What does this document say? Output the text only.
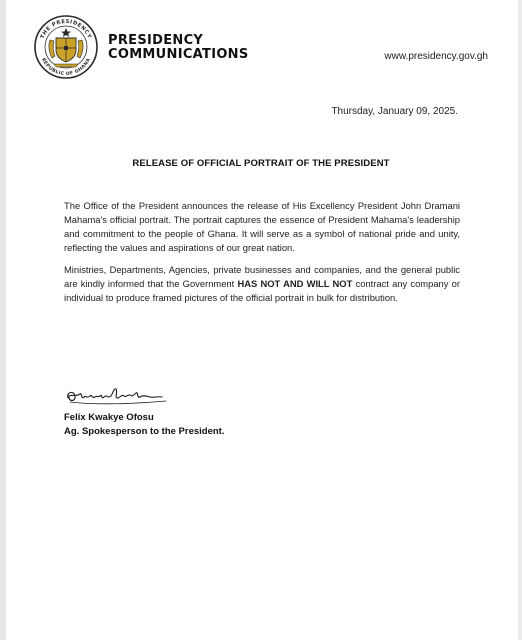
THE PRESIDENCY
REPUBLIC OF GHANA
PRESIDENCY
COMMUNICATIONS	www.presidency.gov.gh
Thursday, January 09, 2025.
RELEASE OF OFFICIAL PORTRAIT OF THE PRESIDENT

The Office of the President announces the release of His Excellency President John Dramani Mahama's official portrait. The portrait captures the essence of President Mahama's leadership and commitment to the people of Ghana. It will serve as a symbol of national pride and unity, reflecting the values and aspirations of our great nation.

Ministries, Departments, Agencies, private businesses and companies, and the general public are kindly informed that the Government HAS NOT AND WILL NOT contract any company or individual to produce framed pictures of the official portrait in bulk for distribution.

Felix Kwakye Ofosu
Ag. Spokesperson to the President.
